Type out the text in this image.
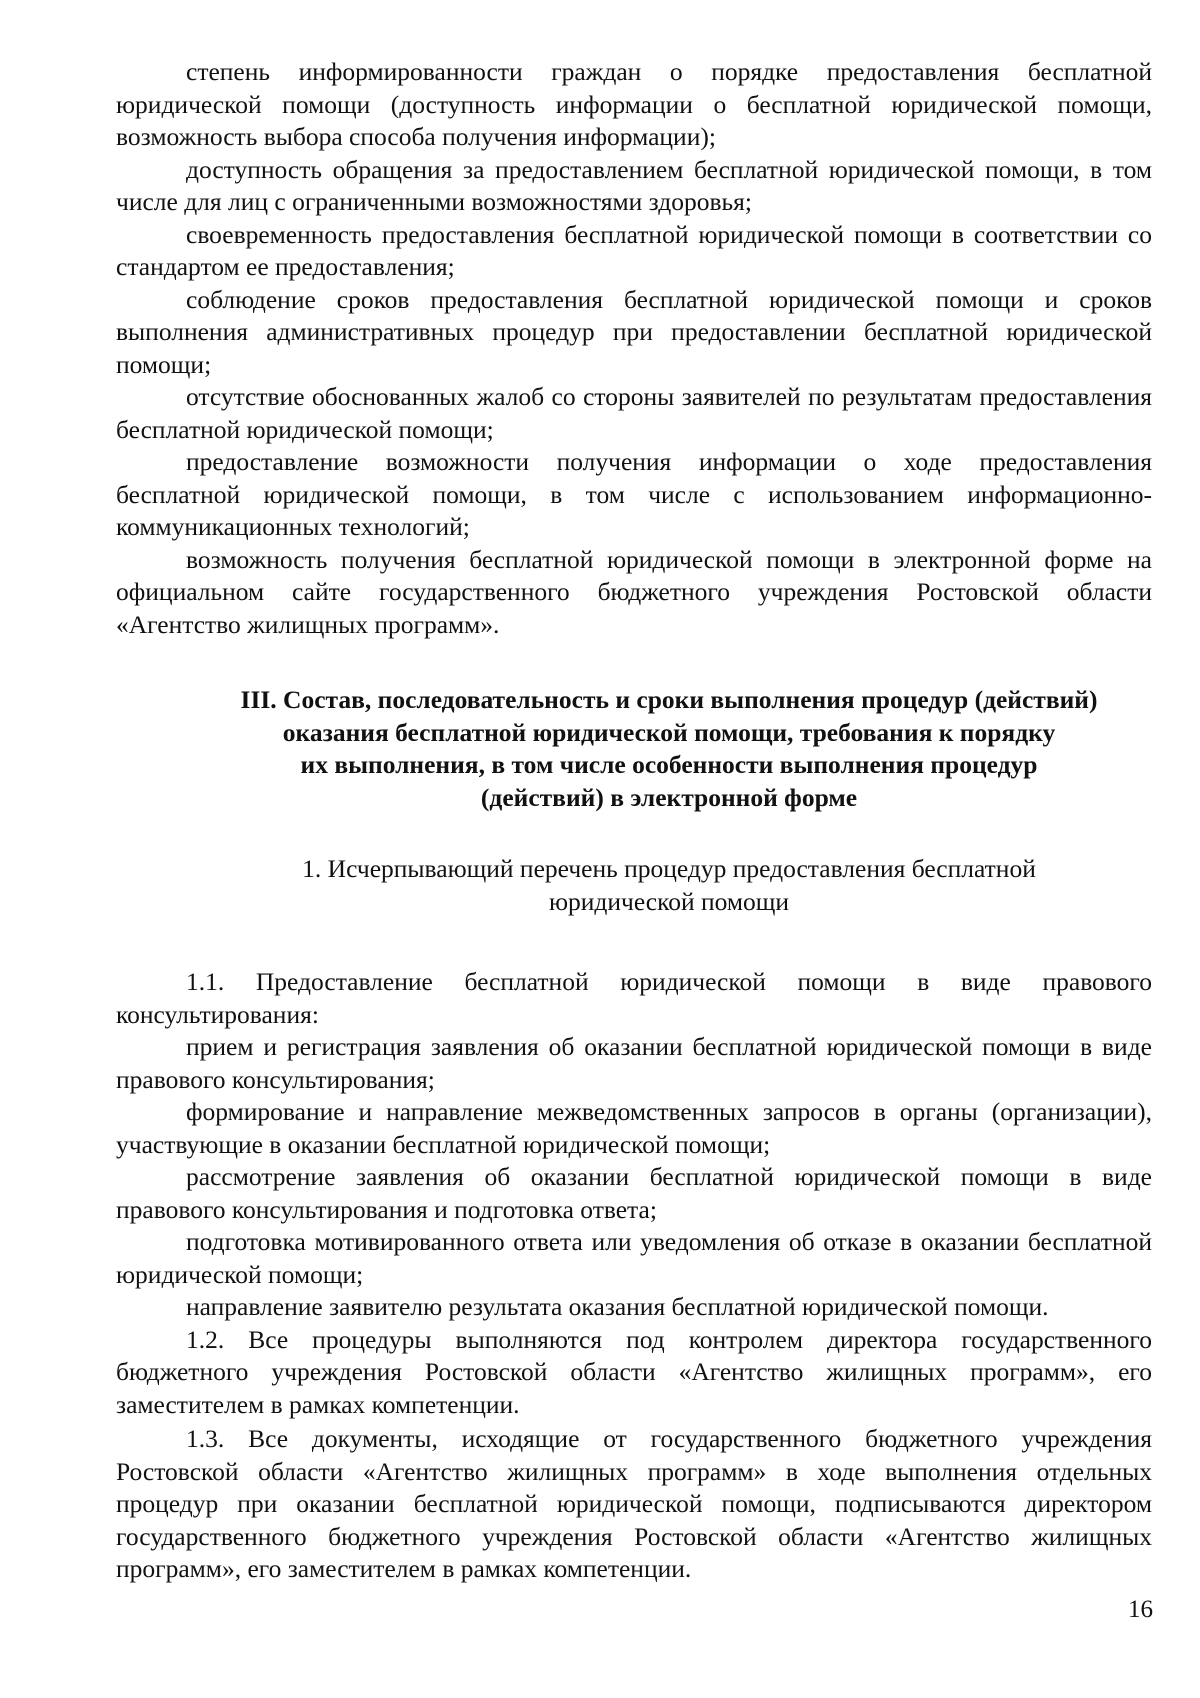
степень информированности граждан о порядке предоставления бесплатной юридической помощи (доступность информации о бесплатной юридической помощи, возможность выбора способа получения информации);

доступность обращения за предоставлением бесплатной юридической помощи, в том числе для лиц с ограниченными возможностями здоровья;

своевременность предоставления бесплатной юридической помощи в соответствии со стандартом ее предоставления;

соблюдение сроков предоставления бесплатной юридической помощи и сроков выполнения административных процедур при предоставлении бесплатной юридической помощи;

отсутствие обоснованных жалоб со стороны заявителей по результатам предоставления бесплатной юридической помощи;

предоставление возможности получения информации о ходе предоставления бесплатной юридической помощи, в том числе с использованием информационно-коммуникационных технологий;

возможность получения бесплатной юридической помощи в электронной форме на официальном сайте государственного бюджетного учреждения Ростовской области «Агентство жилищных программ».

III. Состав, последовательность и сроки выполнения процедур (действий)
оказания бесплатной юридической помощи, требования к порядку
их выполнения, в том числе особенности выполнения процедур
(действий) в электронной форме
1. Исчерпывающий перечень процедур предоставления бесплатной
юридической помощи

1.1. Предоставление бесплатной юридической помощи в виде правового консультирования:

прием и регистрация заявления об оказании бесплатной юридической помощи в виде правового консультирования;

формирование и направление межведомственных запросов в органы (организации), участвующие в оказании бесплатной юридической помощи;

рассмотрение заявления об оказании бесплатной юридической помощи в виде правового консультирования и подготовка ответа;

подготовка мотивированного ответа или уведомления об отказе в оказании бесплатной юридической помощи;

направление заявителю результата оказания бесплатной юридической помощи.

1.2. Все процедуры выполняются под контролем директора государственного бюджетного учреждения Ростовской области «Агентство жилищных программ», его заместителем в рамках компетенции.

1.3. Все документы, исходящие от государственного бюджетного учреждения Ростовской области «Агентство жилищных программ» в ходе выполнения отдельных процедур при оказании бесплатной юридической помощи, подписываются директором государственного бюджетного учреждения Ростовской области «Агентство жилищных программ», его заместителем в рамках компетенции.

16
